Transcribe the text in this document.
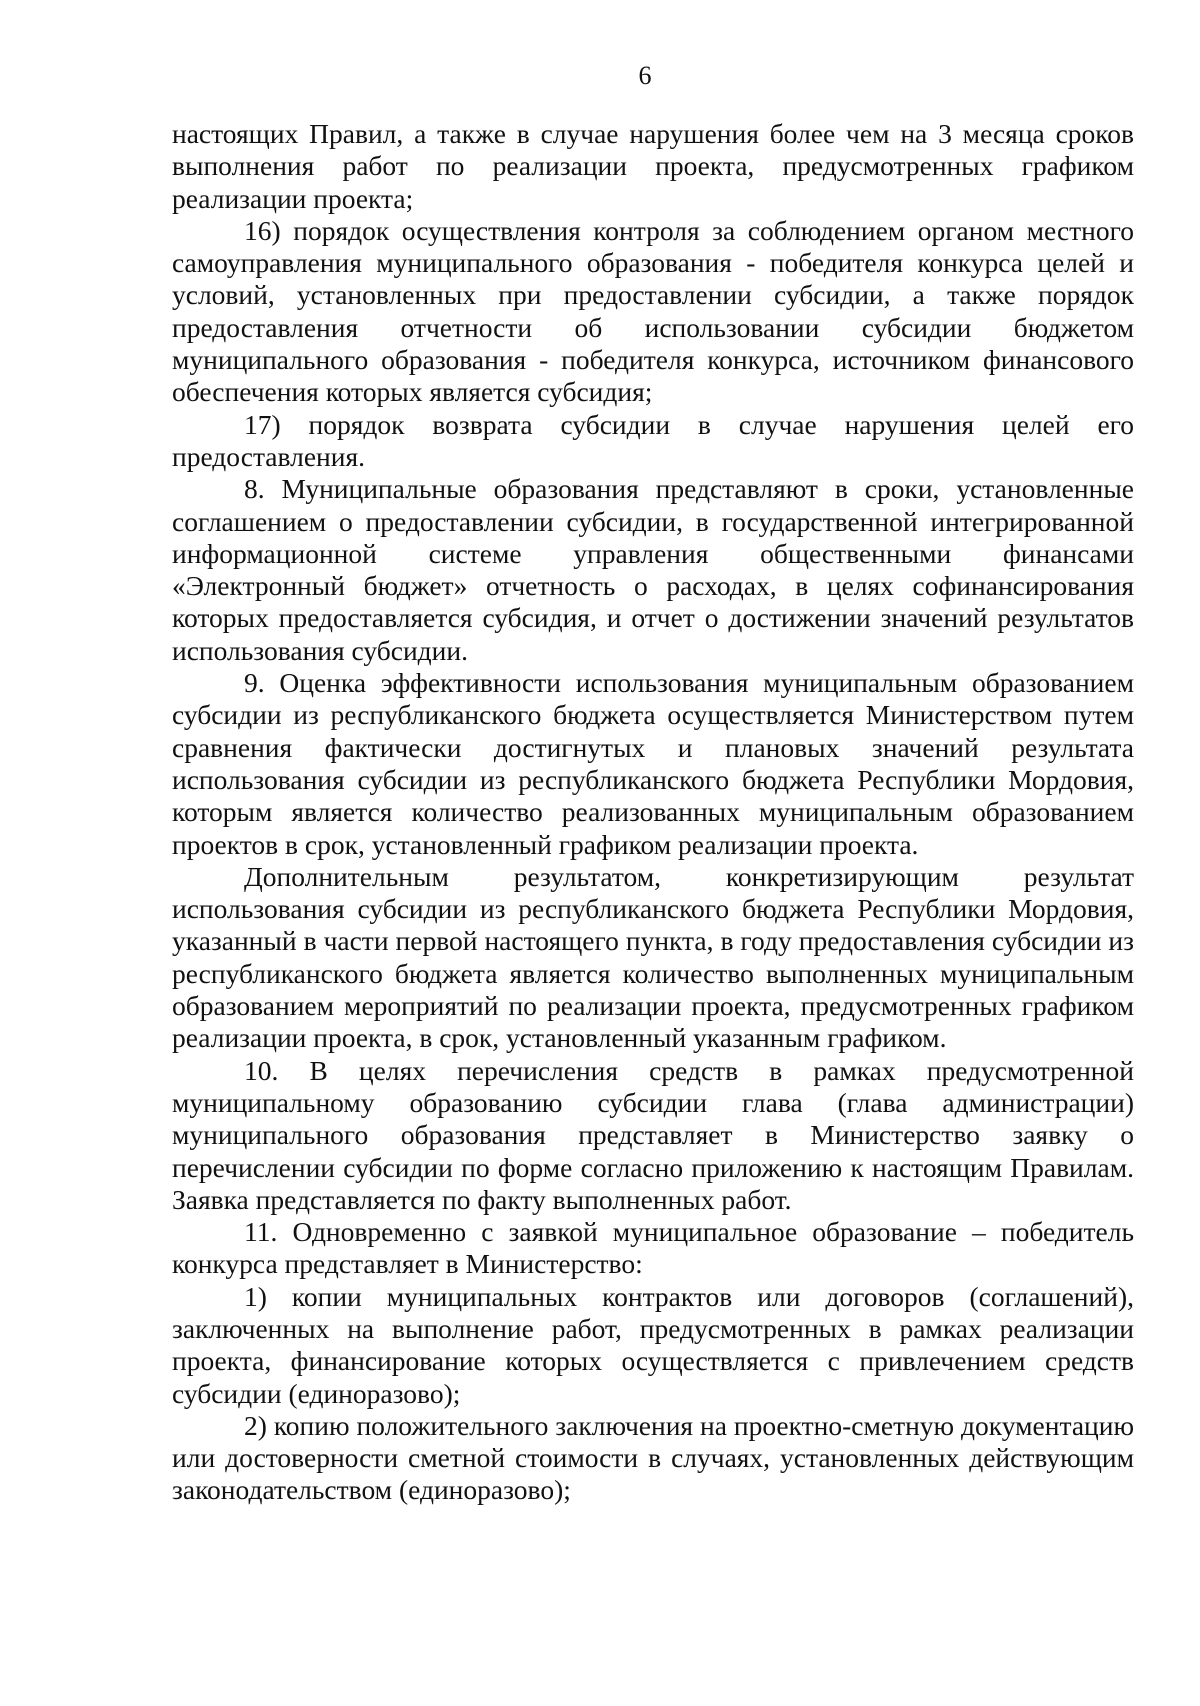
6

настоящих Правил, а также в случае нарушения более чем на 3 месяца сроков выполнения работ по реализации проекта, предусмотренных графиком реализации проекта;

16) порядок осуществления контроля за соблюдением органом местного самоуправления муниципального образования - победителя конкурса целей и условий, установленных при предоставлении субсидии, а также порядок предоставления отчетности об использовании субсидии бюджетом муниципального образования - победителя конкурса, источником финансового обеспечения которых является субсидия;

17) порядок возврата субсидии в случае нарушения целей его предоставления.

8. Муниципальные образования представляют в сроки, установленные соглашением о предоставлении субсидии, в государственной интегрированной информационной системе управления общественными финансами «Электронный бюджет» отчетность о расходах, в целях софинансирования которых предоставляется субсидия, и отчет о достижении значений результатов использования субсидии.

9. Оценка эффективности использования муниципальным образованием субсидии из республиканского бюджета осуществляется Министерством путем сравнения фактически достигнутых и плановых значений результата использования субсидии из республиканского бюджета Республики Мордовия, которым является количество реализованных муниципальным образованием проектов в срок, установленный графиком реализации проекта.

Дополнительным результатом, конкретизирующим результат использования субсидии из республиканского бюджета Республики Мордовия, указанный в части первой настоящего пункта, в году предоставления субсидии из республиканского бюджета является количество выполненных муниципальным образованием мероприятий по реализации проекта, предусмотренных графиком реализации проекта, в срок, установленный указанным графиком.

10. В целях перечисления средств в рамках предусмотренной муниципальному образованию субсидии глава (глава администрации) муниципального образования представляет в Министерство заявку о перечислении субсидии по форме согласно приложению к настоящим Правилам. Заявка представляется по факту выполненных работ.

11. Одновременно с заявкой муниципальное образование – победитель конкурса представляет в Министерство:

1) копии муниципальных контрактов или договоров (соглашений), заключенных на выполнение работ, предусмотренных в рамках реализации проекта, финансирование которых осуществляется с привлечением средств субсидии (единоразово);

2) копию положительного заключения на проектно-сметную документацию или достоверности сметной стоимости в случаях, установленных действующим законодательством (единоразово);
